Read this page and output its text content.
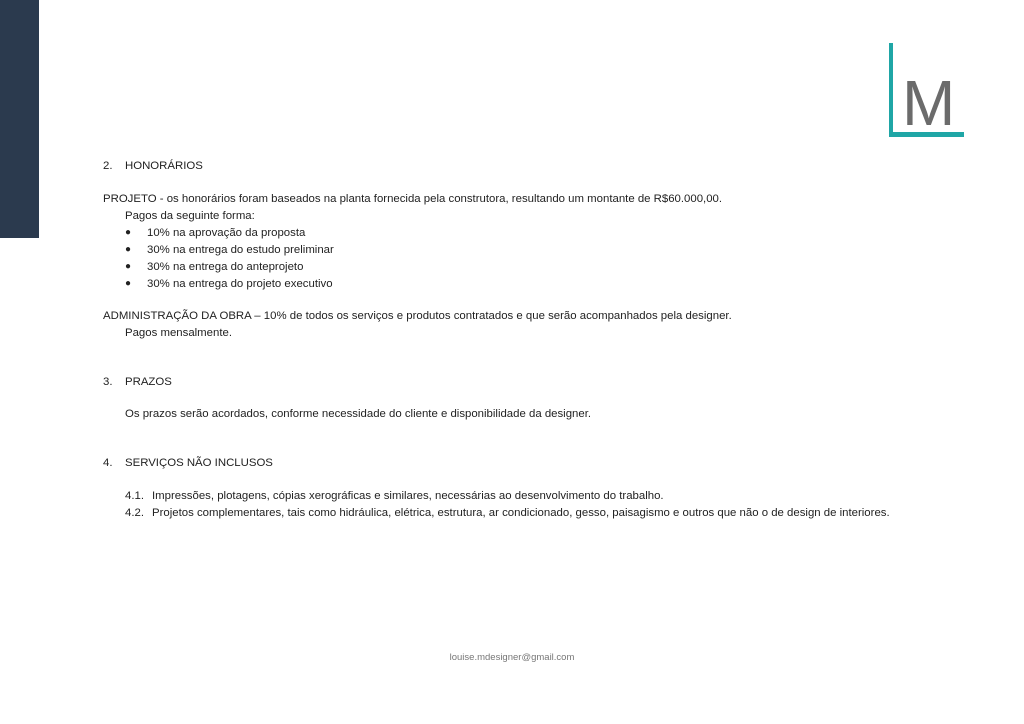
M
2. HONORÁRIOS
PROJETO - os honorários foram baseados na planta fornecida pela construtora, resultando um montante de R$60.000,00.
Pagos da seguinte forma:
● 10% na aprovação da proposta
● 30% na entrega do estudo preliminar
● 30% na entrega do anteprojeto
● 30% na entrega do projeto executivo
ADMINISTRAÇÃO DA OBRA – 10% de todos os serviços e produtos contratados e que serão acompanhados pela designer.
Pagos mensalmente.
3. PRAZOS
Os prazos serão acordados, conforme necessidade do cliente e disponibilidade da designer.
4. SERVIÇOS NÃO INCLUSOS
4.1. Impressões, plotagens, cópias xerográficas e similares, necessárias ao desenvolvimento do trabalho.
4.2. Projetos complementares, tais como hidráulica, elétrica, estrutura, ar condicionado, gesso, paisagismo e outros que não o de design de interiores.
louise.mdesigner@gmail.com
